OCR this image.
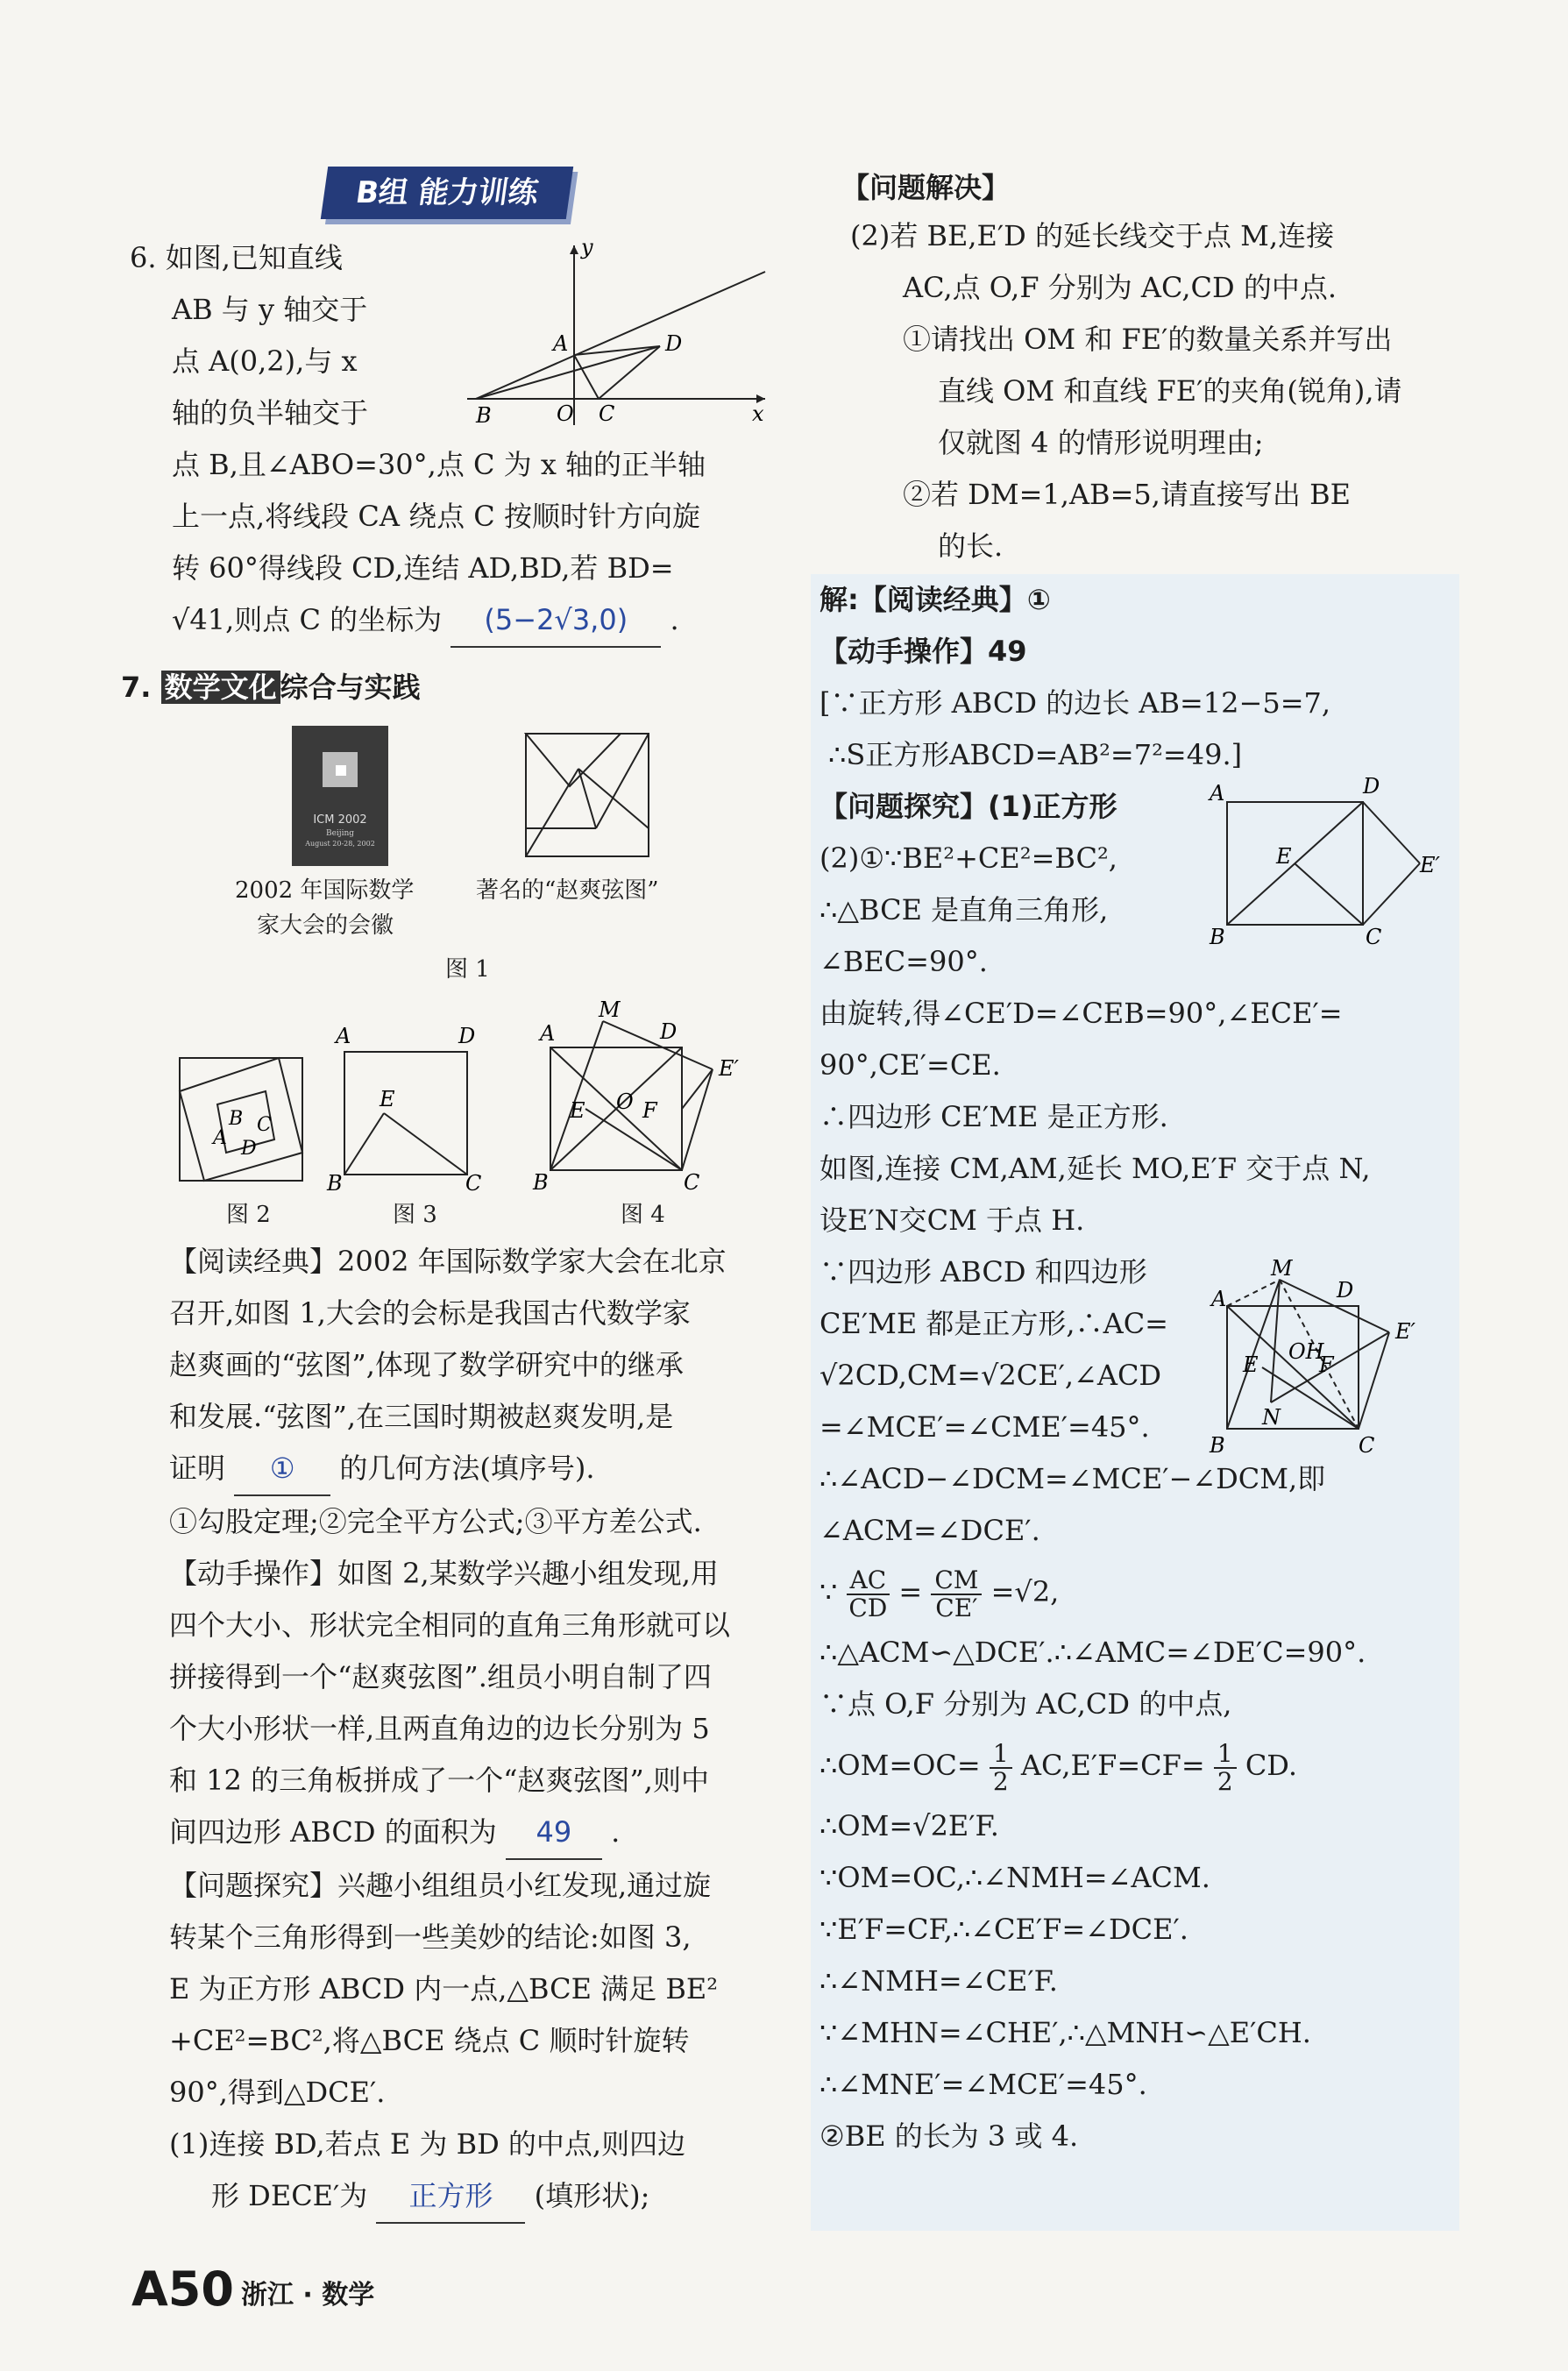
B组 能力训练

6. 如图,已知直线

AB 与 y 轴交于

点 A(0,2),与 x

轴的负半轴交于

点 B,且∠ABO=30°,点 C 为 x 轴的正半轴

上一点,将线段 CA 绕点 C 按顺时针方向旋

转 60°得线段 CD,连结 AD,BD,若 BD=

√41,则点 C 的坐标为 (5−2√3,0) .

y
x
A	D
B	O C

7. 数学文化 综合与实践

ICM 2002
Beijing
August 20-28, 2002
2002 年国际数学
家大会的会徽
著名的“赵爽弦图”
图 1
B C
A D
图 2
A	D
E
B	C
图 3
A
M
D
E′
E O F
B	C
图 4

【阅读经典】2002 年国际数学家大会在北京

召开,如图 1,大会的会标是我国古代数学家

赵爽画的“弦图”,体现了数学研究中的继承

和发展.“弦图”,在三国时期被赵爽发明,是

证明 ① 的几何方法(填序号).

①勾股定理;②完全平方公式;③平方差公式.

【动手操作】如图 2,某数学兴趣小组发现,用

四个大小、形状完全相同的直角三角形就可以

拼接得到一个“赵爽弦图”.组员小明自制了四

个大小形状一样,且两直角边的边长分别为 5

和 12 的三角板拼成了一个“赵爽弦图”,则中

间四边形 ABCD 的面积为 49 .

【问题探究】兴趣小组组员小红发现,通过旋

转某个三角形得到一些美妙的结论:如图 3,

E 为正方形 ABCD 内一点,△BCE 满足 BE²

+CE²=BC²,将△BCE 绕点 C 顺时针旋转

90°,得到△DCE′.

(1)连接 BD,若点 E 为 BD 的中点,则四边

形 DECE′为 正方形 (填形状);

【问题解决】

(2)若 BE,E′D 的延长线交于点 M,连接

AC,点 O,F 分别为 AC,CD 的中点.

①请找出 OM 和 FE′的数量关系并写出

直线 OM 和直线 FE′的夹角(锐角),请

仅就图 4 的情形说明理由;

②若 DM=1,AB=5,请直接写出 BE

的长.

解:【阅读经典】①

【动手操作】49

[∵正方形 ABCD 的边长 AB=12−5=7,

∴S正方形ABCD=AB²=7²=49.]

【问题探究】(1)正方形

(2)①∵BE²+CE²=BC²,

∴△BCE 是直角三角形,

∠BEC=90°.

由旋转,得∠CE′D=∠CEB=90°,∠ECE′=

90°,CE′=CE.

∴四边形 CE′ME 是正方形.

如图,连接 CM,AM,延长 MO,E′F 交于点 N,

设E′N交CM 于点 H.

∵四边形 ABCD 和四边形

CE′ME 都是正方形,∴AC=

√2CD,CM=√2CE′,∠ACD

=∠MCE′=∠CME′=45°.

∴∠ACD−∠DCM=∠MCE′−∠DCM,即

∠ACM=∠DCE′.

∵ $\frac{AC}{CD} = \frac{CM}{CE'} =√2$,

∴△ACM∽△DCE′.∴∠AMC=∠DE′C=90°.

∵点 O,F 分别为 AC,CD 的中点,

∴OM=OC= $\frac{1}{2} AC,E'F=CF= \frac{1}{2}$ CD.

∴OM=√2E′F.

∵OM=OC,∴∠NMH=∠ACM.

∵E′F=CF,∴∠CE′F=∠DCE′.

∴∠NMH=∠CE′F.

∵∠MHN=∠CHE′,∴△MNH∽△E′CH.

∴∠MNE′=∠MCE′=45°.

②BE 的长为 3 或 4.

A	D
E	E′
B	C
A
M
D
E′
E
OH
F
N
B	C
A50 浙江 · 数学
